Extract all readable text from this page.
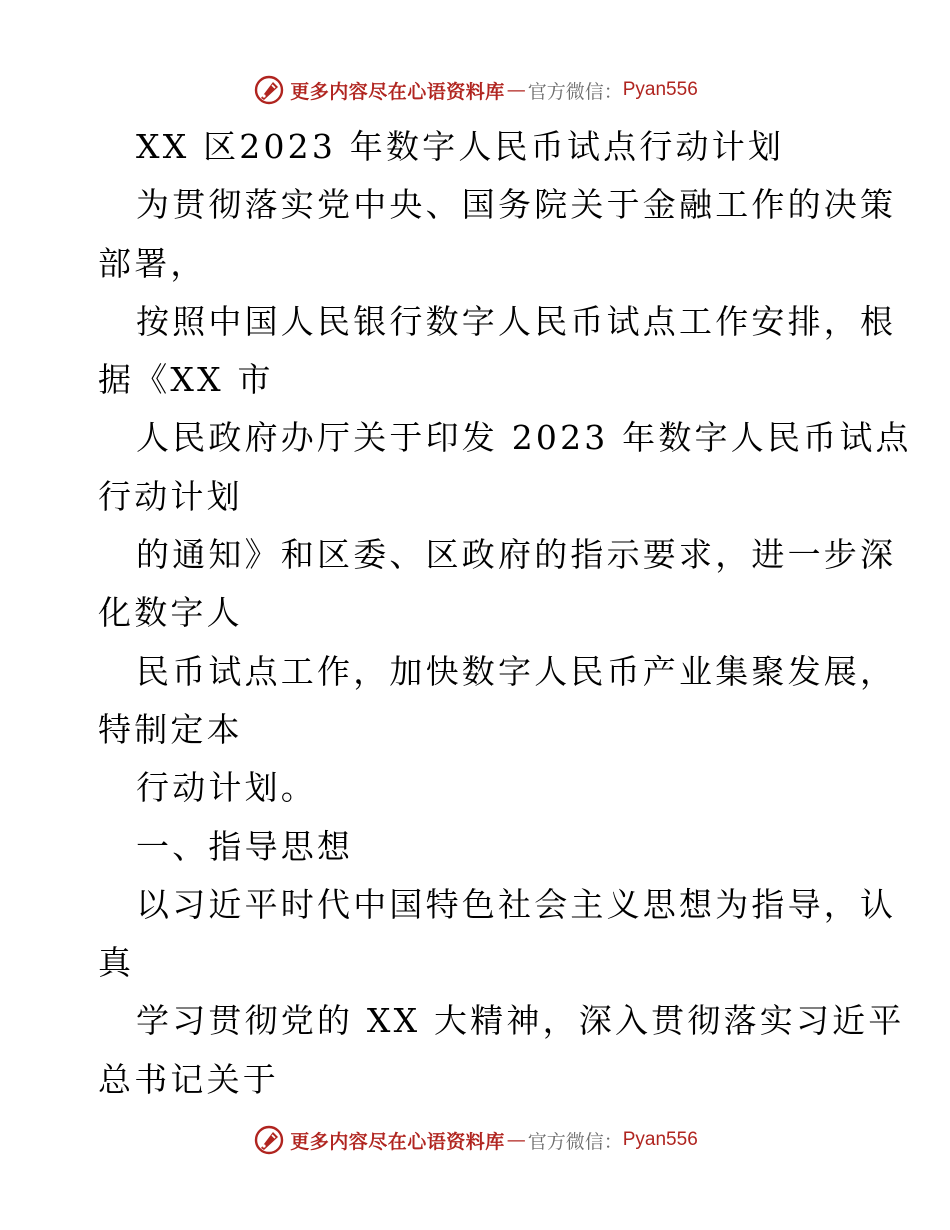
更多内容尽在心语资料库 — 官方微信： Pyan556
XX 区2023 年数字人民币试点行动计划
为贯彻落实党中央、国务院关于金融工作的决策
部署，
按照中国人民银行数字人民币试点工作安排，根
据《XX 市
人民政府办厅关于印发 2023 年数字人民币试点
行动计划
的通知》和区委、区政府的指示要求，进一步深
化数字人
民币试点工作，加快数字人民币产业集聚发展，
特制定本
行动计划。
一、指导思想
以习近平时代中国特色社会主义思想为指导，认
真
学习贯彻党的 XX 大精神，深入贯彻落实习近平
总书记关于
更多内容尽在心语资料库 — 官方微信： Pyan556
